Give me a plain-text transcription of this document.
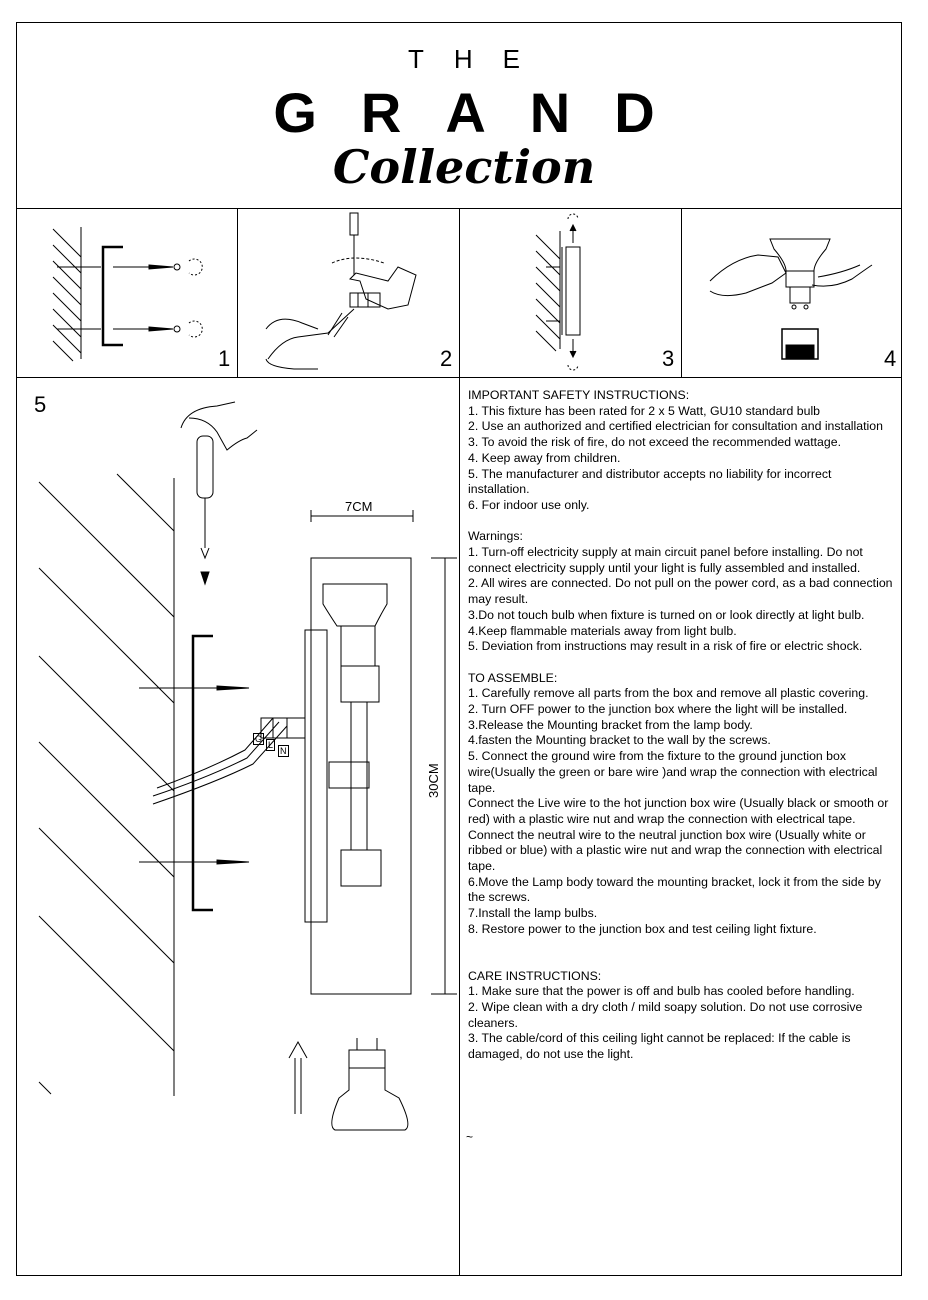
THE
GRAND
Collection
1	2	3	4
5
7CM
30CM
G
L
N

IMPORTANT SAFETY INSTRUCTIONS:

1. This fixture has been rated for 2 x 5 Watt, GU10 standard bulb

2. Use an authorized and certified electrician for consultation and installation

3. To avoid the risk of fire, do not exceed the recommended wattage.

4. Keep away from children.

5. The manufacturer and distributor accepts no liability for incorrect installation.

6. For indoor use only.

Warnings:

1. Turn-off electricity supply at main circuit panel before installing. Do not connect electricity supply until your light is fully assembled and installed.

2. All wires are connected. Do not pull on the power cord, as a bad connection may result.

3.Do not touch bulb when fixture is turned on or look directly at light bulb.

4.Keep flammable materials away from light bulb.

5. Deviation from instructions may result in a risk of fire or electric shock.

TO ASSEMBLE:

1. Carefully remove all parts from the box and remove all plastic covering.

2. Turn OFF power to the junction box where the light will be installed.

3.Release the Mounting bracket from the lamp body.

4.fasten the Mounting bracket to the wall by the screws.

5. Connect the ground wire from the fixture to the ground junction box wire(Usually the green or bare wire )and wrap the connection with electrical tape.

Connect the Live wire to the hot junction box wire (Usually black or smooth or red) with a plastic wire nut and wrap the connection with electrical tape.

Connect the neutral wire to the neutral junction box wire (Usually white or ribbed or blue) with a plastic wire nut and wrap the connection with electrical tape.

6.Move the Lamp body toward the mounting bracket, lock it from the side by the screws.

7.Install the lamp bulbs.

8. Restore power to the junction box and test ceiling light fixture.

CARE INSTRUCTIONS:

1. Make sure that the power is off and bulb has cooled before handling.

2. Wipe clean with a dry cloth / mild soapy solution. Do not use corrosive cleaners.

3. The cable/cord of this ceiling light cannot be replaced: If the cable is damaged, do not use the light.

~
